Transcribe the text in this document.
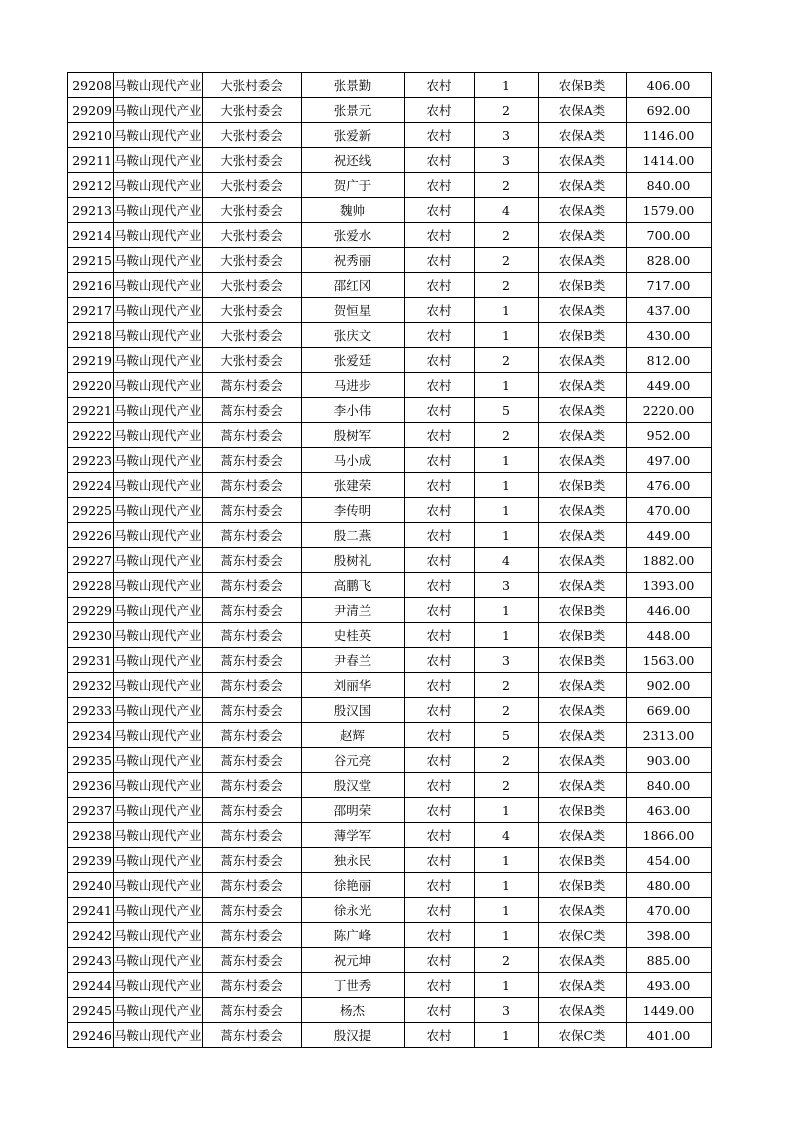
29208	马鞍山现代产业	大张村委会	张景勤	农村	1	农保B类	406.00
29209	马鞍山现代产业	大张村委会	张景元	农村	2	农保A类	692.00
29210	马鞍山现代产业	大张村委会	张爱新	农村	3	农保A类	1146.00
29211	马鞍山现代产业	大张村委会	祝还线	农村	3	农保A类	1414.00
29212	马鞍山现代产业	大张村委会	贺广于	农村	2	农保A类	840.00
29213	马鞍山现代产业	大张村委会	魏帅	农村	4	农保A类	1579.00
29214	马鞍山现代产业	大张村委会	张爱水	农村	2	农保A类	700.00
29215	马鞍山现代产业	大张村委会	祝秀丽	农村	2	农保A类	828.00
29216	马鞍山现代产业	大张村委会	邵红冈	农村	2	农保B类	717.00
29217	马鞍山现代产业	大张村委会	贺恒星	农村	1	农保A类	437.00
29218	马鞍山现代产业	大张村委会	张庆文	农村	1	农保B类	430.00
29219	马鞍山现代产业	大张村委会	张爱廷	农村	2	农保A类	812.00
29220	马鞍山现代产业	蒿东村委会	马进步	农村	1	农保A类	449.00
29221	马鞍山现代产业	蒿东村委会	李小伟	农村	5	农保A类	2220.00
29222	马鞍山现代产业	蒿东村委会	殷树军	农村	2	农保A类	952.00
29223	马鞍山现代产业	蒿东村委会	马小成	农村	1	农保A类	497.00
29224	马鞍山现代产业	蒿东村委会	张建荣	农村	1	农保B类	476.00
29225	马鞍山现代产业	蒿东村委会	李传明	农村	1	农保A类	470.00
29226	马鞍山现代产业	蒿东村委会	殷二燕	农村	1	农保A类	449.00
29227	马鞍山现代产业	蒿东村委会	殷树礼	农村	4	农保A类	1882.00
29228	马鞍山现代产业	蒿东村委会	高鹏飞	农村	3	农保A类	1393.00
29229	马鞍山现代产业	蒿东村委会	尹清兰	农村	1	农保B类	446.00
29230	马鞍山现代产业	蒿东村委会	史桂英	农村	1	农保B类	448.00
29231	马鞍山现代产业	蒿东村委会	尹春兰	农村	3	农保B类	1563.00
29232	马鞍山现代产业	蒿东村委会	刘丽华	农村	2	农保A类	902.00
29233	马鞍山现代产业	蒿东村委会	殷汉国	农村	2	农保A类	669.00
29234	马鞍山现代产业	蒿东村委会	赵辉	农村	5	农保A类	2313.00
29235	马鞍山现代产业	蒿东村委会	谷元亮	农村	2	农保A类	903.00
29236	马鞍山现代产业	蒿东村委会	殷汉堂	农村	2	农保A类	840.00
29237	马鞍山现代产业	蒿东村委会	邵明荣	农村	1	农保B类	463.00
29238	马鞍山现代产业	蒿东村委会	薄学军	农村	4	农保A类	1866.00
29239	马鞍山现代产业	蒿东村委会	独永民	农村	1	农保B类	454.00
29240	马鞍山现代产业	蒿东村委会	徐艳丽	农村	1	农保B类	480.00
29241	马鞍山现代产业	蒿东村委会	徐永光	农村	1	农保A类	470.00
29242	马鞍山现代产业	蒿东村委会	陈广峰	农村	1	农保C类	398.00
29243	马鞍山现代产业	蒿东村委会	祝元坤	农村	2	农保A类	885.00
29244	马鞍山现代产业	蒿东村委会	丁世秀	农村	1	农保A类	493.00
29245	马鞍山现代产业	蒿东村委会	杨杰	农村	3	农保A类	1449.00
29246	马鞍山现代产业	蒿东村委会	殷汉提	农村	1	农保C类	401.00
